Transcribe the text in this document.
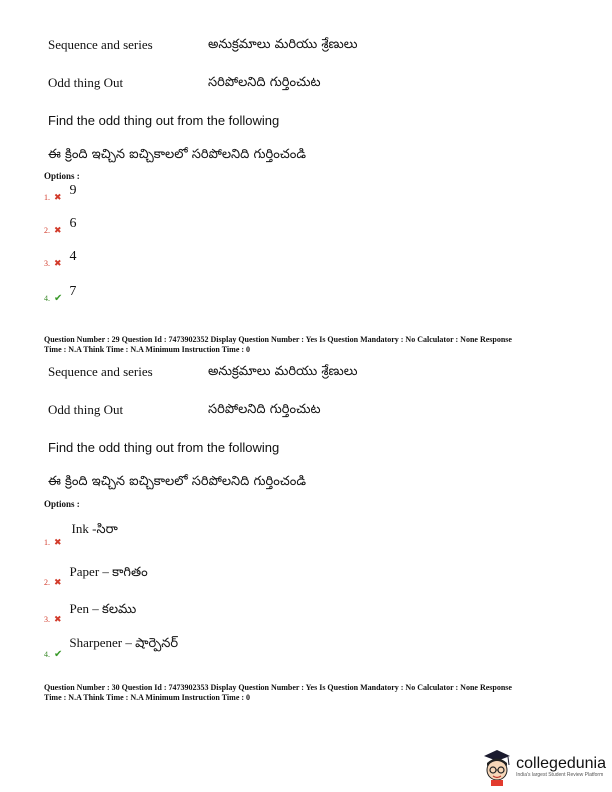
Sequence and series	అనుక్రమాలు మరియు శ్రేణులు
Odd thing Out	సరిపోలనిది గుర్తించుట
Find the odd thing out from the following
ఈ క్రింది ఇచ్చిన ఐచ్చికాలలో సరిపోలనిది గుర్తించండి
Options :
1. ✖ 9
2. ✖ 6
3. ✖ 4
4. ✔ 7
Question Number : 29 Question Id : 7473902352 Display Question Number : Yes Is Question Mandatory : No Calculator : None Response
Time : N.A Think Time : N.A Minimum Instruction Time : 0
Sequence and series	అనుక్రమాలు మరియు శ్రేణులు
Odd thing Out	సరిపోలనిది గుర్తించుట
Find the odd thing out from the following
ఈ క్రింది ఇచ్చిన ఐచ్చికాలలో సరిపోలనిది గుర్తించండి
Options :
$_{1.}$ $_✖$ Ink -సిరా
$_{2.}$ $_✖$ Paper – కాగితం
$_{3.}$ $_✖$ Pen – కలము
$_{4.}$ $_✔$ Sharpener – షార్పెనర్
Question Number : 30 Question Id : 7473902353 Display Question Number : Yes Is Question Mandatory : No Calculator : None Response
Time : N.A Think Time : N.A Minimum Instruction Time : 0
collegedunia
India's largest Student Review Platform
